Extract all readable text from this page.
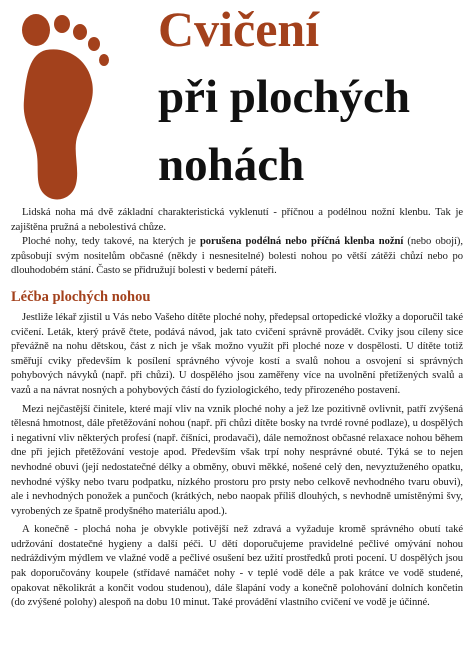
Cvičení
při plochých
nohách

Lidská noha má dvě základní charakteristická vyklenutí - příčnou a podélnou nožní klenbu. Tak je zajištěna pružná a nebolestivá chůze.

Ploché nohy, tedy takové, na kterých je porušena podélná nebo příčná klenba nožní (nebo obojí), způsobují svým nositelům občasné (někdy i nesnesitelné) bolesti nohou po větší zátěži chůzí nebo po dlouhodobém stání. Často se přidružují bolesti v bederní páteři.

Léčba plochých nohou

Jestliže lékař zjistil u Vás nebo Vašeho dítěte ploché nohy, předepsal ortopedické vložky a doporučil také cvičení. Leták, který právě čtete, podává návod, jak tato cvičení správně provádět. Cviky jsou cíleny sice převážně na nohu dětskou, část z nich je však možno využít při ploché noze v dospělosti. U dítěte totiž směřují cviky především k posílení správného vývoje kostí a svalů nohou a osvojení si správných pohybových návyků (např. při chůzi). U dospělého jsou zaměřeny více na uvolnění přetížených svalů a vazů a na návrat nosných a pohybových částí do fyziologického, tedy přirozeného postavení.

Mezi nejčastější činitele, které mají vliv na vznik ploché nohy a jež lze pozitivně ovlivnit, patří zvýšená tělesná hmotnost, dále přetěžování nohou (např. při chůzi dítěte bosky na tvrdé rovné podlaze), u dospělých i negativní vliv některých profesí (např. číšníci, prodavači), dále nemožnost občasné relaxace nohou během dne při jejich přetěžování vestoje apod. Především však trpí nohy nesprávné obuté. Týká se to nejen nevhodné obuvi (její nedostatečné délky a obměny, obuvi měkké, nošené celý den, nevyztuženého opatku, nevhodné výšky nebo tvaru podpatku, nízkého prostoru pro prsty nebo celkově nevhodného tvaru obuvi), ale i nevhodných ponožek a punčoch (krátkých, nebo naopak příliš dlouhých, s nevhodně umístěnými švy, vyrobených ze špatně prodyšného materiálu apod.).

A konečně - plochá noha je obvykle potivější než zdravá a vyžaduje kromě správného obutí také udržování dostatečné hygieny a další péči. U dětí doporučujeme pravidelné pečlivé omývání nohou nedráždivým mýdlem ve vlažné vodě a pečlivé osušení bez užití prostředků proti pocení. U dospělých jsou pak doporučovány koupele (střídavé namáčet nohy - v teplé vodě déle a pak krátce ve vodě studené, opakovat několikrát a končit vodou studenou), dále šlapání vody a konečně polohování dolních končetin (do zvýšené polohy) alespoň na dobu 10 minut. Také provádění vlastního cvičení ve vodě je účinné.
